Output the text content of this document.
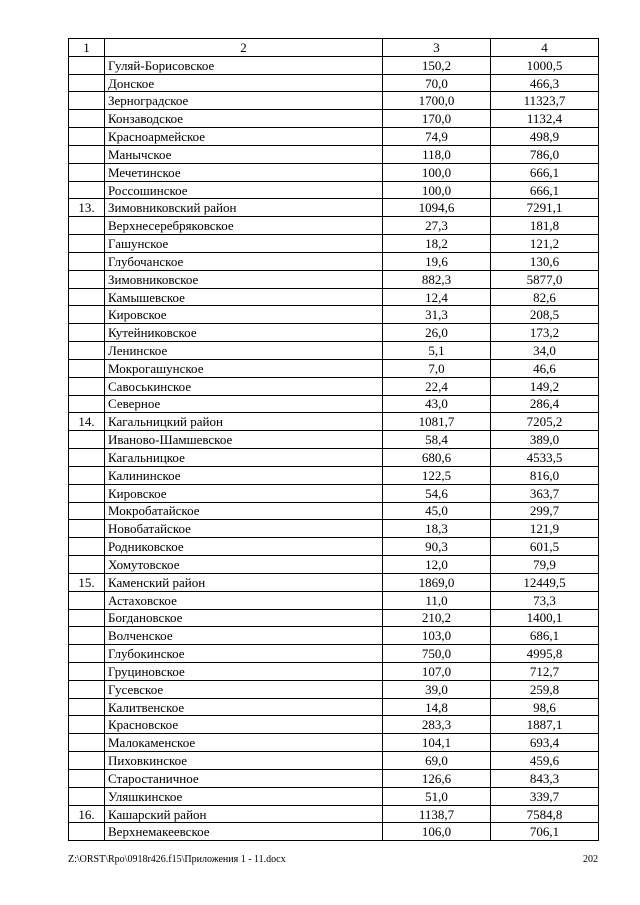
1	2	3	4
	Гуляй-Борисовское	150,2	1000,5
	Донское	70,0	466,3
	Зерноградское	1700,0	11323,7
	Конзаводское	170,0	1132,4
	Красноармейское	74,9	498,9
	Манычское	118,0	786,0
	Мечетинское	100,0	666,1
	Россошинское	100,0	666,1
13.	Зимовниковский район	1094,6	7291,1
	Верхнесеребряковское	27,3	181,8
	Гашунское	18,2	121,2
	Глубочанское	19,6	130,6
	Зимовниковское	882,3	5877,0
	Камышевское	12,4	82,6
	Кировское	31,3	208,5
	Кутейниковское	26,0	173,2
	Ленинское	5,1	34,0
	Мокрогашунское	7,0	46,6
	Савоськинское	22,4	149,2
	Северное	43,0	286,4
14.	Кагальницкий район	1081,7	7205,2
	Иваново-Шамшевское	58,4	389,0
	Кагальницкое	680,6	4533,5
	Калининское	122,5	816,0
	Кировское	54,6	363,7
	Мокробатайское	45,0	299,7
	Новобатайское	18,3	121,9
	Родниковское	90,3	601,5
	Хомутовское	12,0	79,9
15.	Каменский район	1869,0	12449,5
	Астаховское	11,0	73,3
	Богдановское	210,2	1400,1
	Волченское	103,0	686,1
	Глубокинское	750,0	4995,8
	Груциновское	107,0	712,7
	Гусевское	39,0	259,8
	Калитвенское	14,8	98,6
	Красновское	283,3	1887,1
	Малокаменское	104,1	693,4
	Пиховкинское	69,0	459,6
	Старостаничное	126,6	843,3
	Уляшкинское	51,0	339,7
16.	Кашарский район	1138,7	7584,8
	Верхнемакеевское	106,0	706,1
Z:\ORST\Rpo\0918r426.f15\Приложения 1 - 11.docx	202
